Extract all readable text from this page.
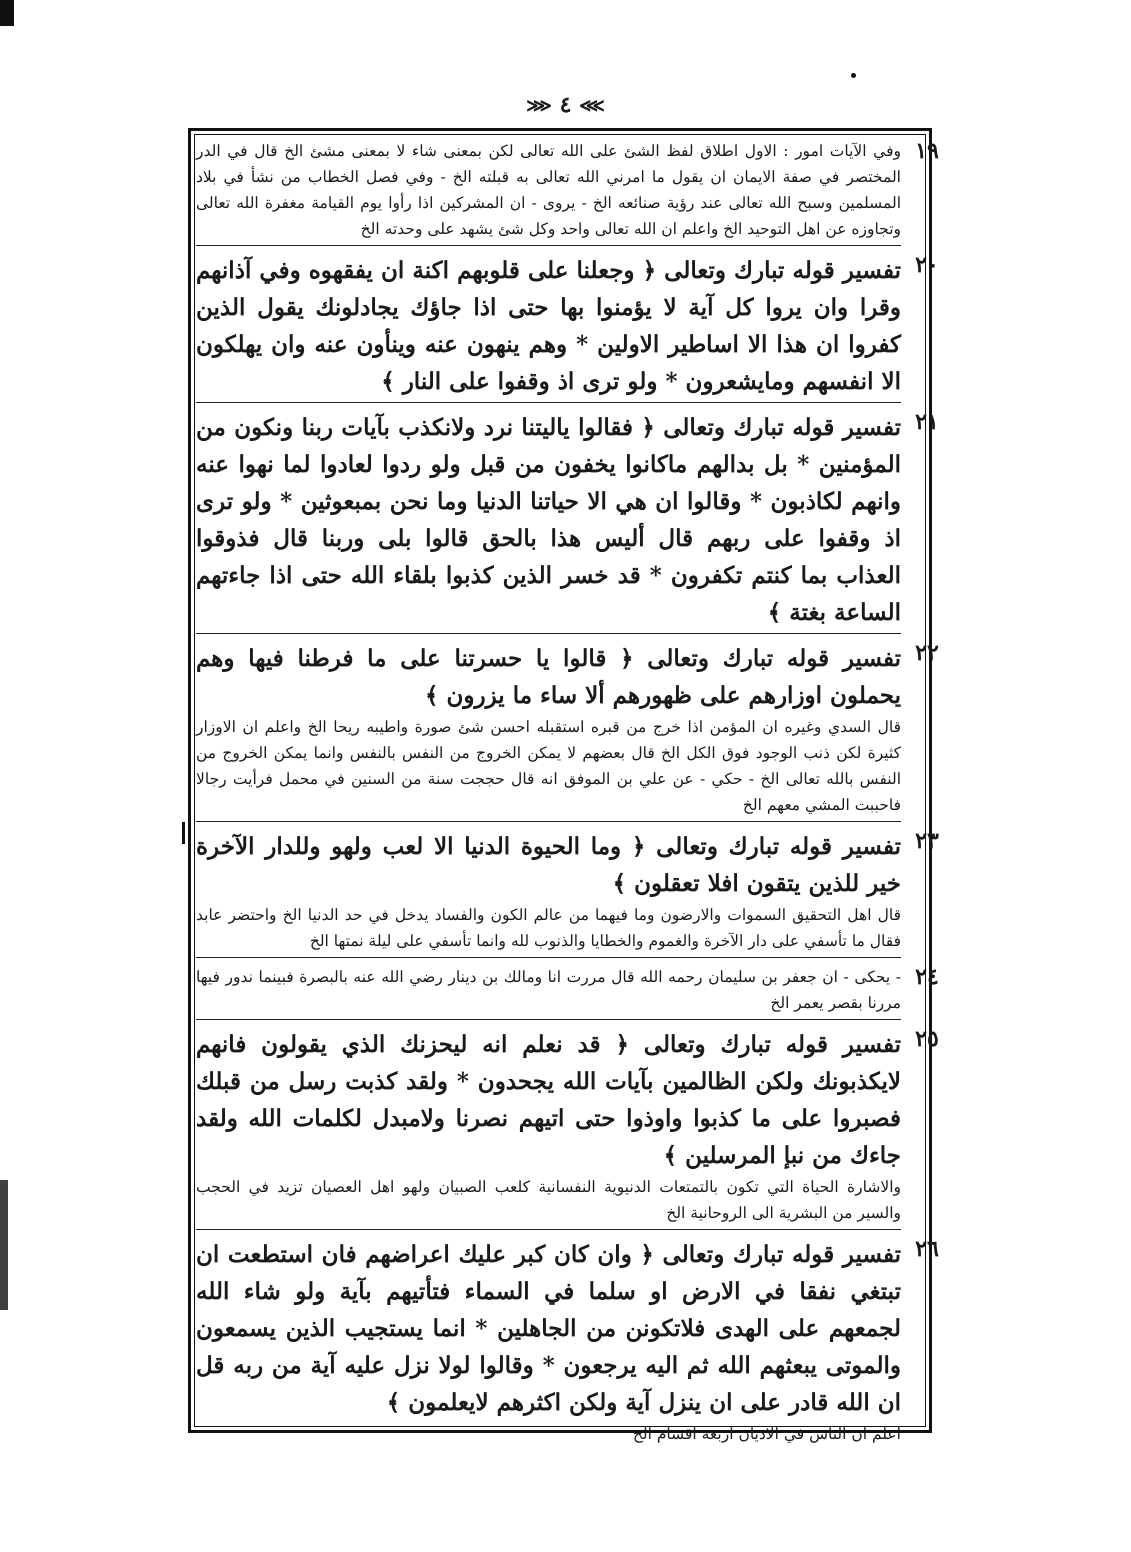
⋙ ٤ ⋘
١٩
وفي الآيات امور : الاول اطلاق لفظ الشئ على الله تعالى لكن بمعنى شاء لا بمعنى مشئ الخ قال في الدر المختصر في صفة الايمان ان يقول ما امرني الله تعالى به قبلته الخ - وفي فصل الخطاب من نشأ في بلاد المسلمين وسبح الله تعالى عند رؤية صنائعه الخ - يروى - ان المشركين اذا رأوا يوم القيامة مغفرة الله تعالى وتجاوزه عن اهل التوحيد الخ واعلم ان الله تعالى واحد وكل شئ يشهد على وحدته الخ
٢٠
تفسير قوله تبارك وتعالى ﴿ وجعلنا على قلوبهم اكنة ان يفقهوه وفي آذانهم وقرا وان يروا كل آية لا يؤمنوا بها حتى اذا جاؤك يجادلونك يقول الذين كفروا ان هذا الا اساطير الاولين * وهم ينهون عنه وينأون عنه وان يهلكون الا انفسهم ومايشعرون * ولو ترى اذ وقفوا على النار ﴾
٢١
تفسير قوله تبارك وتعالى ﴿ فقالوا ياليتنا نرد ولانكذب بآيات ربنا ونكون من المؤمنين * بل بدالهم ماكانوا يخفون من قبل ولو ردوا لعادوا لما نهوا عنه وانهم لكاذبون * وقالوا ان هي الا حياتنا الدنيا وما نحن بمبعوثين * ولو ترى اذ وقفوا على ربهم قال أليس هذا بالحق قالوا بلى وربنا قال فذوقوا العذاب بما كنتم تكفرون * قد خسر الذين كذبوا بلقاء الله حتى اذا جاءتهم الساعة بغتة ﴾
٢٢
تفسير قوله تبارك وتعالى ﴿ قالوا يا حسرتنا على ما فرطنا فيها وهم يحملون اوزارهم على ظهورهم ألا ساء ما يزرون ﴾
قال السدي وغيره ان المؤمن اذا خرج من قبره استقبله احسن شئ صورة واطيبه ريحا الخ واعلم ان الاوزار كثيرة لكن ذنب الوجود فوق الكل الخ قال بعضهم لا يمكن الخروج من النفس بالنفس وانما يمكن الخروج من النفس بالله تعالى الخ - حكي - عن علي بن الموفق انه قال حججت سنة من السنين في محمل فرأيت رجالا فاحببت المشي معهم الخ
٢٣
تفسير قوله تبارك وتعالى ﴿ وما الحيوة الدنيا الا لعب ولهو وللدار الآخرة خير للذين يتقون افلا تعقلون ﴾
قال اهل التحقيق السموات والارضون وما فيهما من عالم الكون والفساد يدخل في حد الدنيا الخ واحتضر عابد فقال ما تأسفي على دار الآخرة والغموم والخطايا والذنوب لله وانما تأسفي على ليلة نمتها الخ
٢٤
- يحكى - ان جعفر بن سليمان رحمه الله قال مررت انا ومالك بن دينار رضي الله عنه بالبصرة فبينما ندور فيها مررنا بقصر يعمر الخ
٢٥
تفسير قوله تبارك وتعالى ﴿ قد نعلم انه ليحزنك الذي يقولون فانهم لايكذبونك ولكن الظالمين بآيات الله يجحدون * ولقد كذبت رسل من قبلك فصبروا على ما كذبوا واوذوا حتى اتيهم نصرنا ولامبدل لكلمات الله ولقد جاءك من نبإ المرسلين ﴾
والاشارة الحياة التي تكون بالتمتعات الدنيوية النفسانية كلعب الصبيان ولهو اهل العصيان تزيد في الحجب والسير من البشرية الى الروحانية الخ
٢٦
تفسير قوله تبارك وتعالى ﴿ وان كان كبر عليك اعراضهم فان استطعت ان تبتغي نفقا في الارض او سلما في السماء فتأتيهم بآية ولو شاء الله لجمعهم على الهدى فلاتكونن من الجاهلين * انما يستجيب الذين يسمعون والموتى يبعثهم الله ثم اليه يرجعون * وقالوا لولا نزل عليه آية من ربه قل ان الله قادر على ان ينزل آية ولكن اكثرهم لايعلمون ﴾
اعلم ان الناس في الاديان اربعة اقسام الخ
